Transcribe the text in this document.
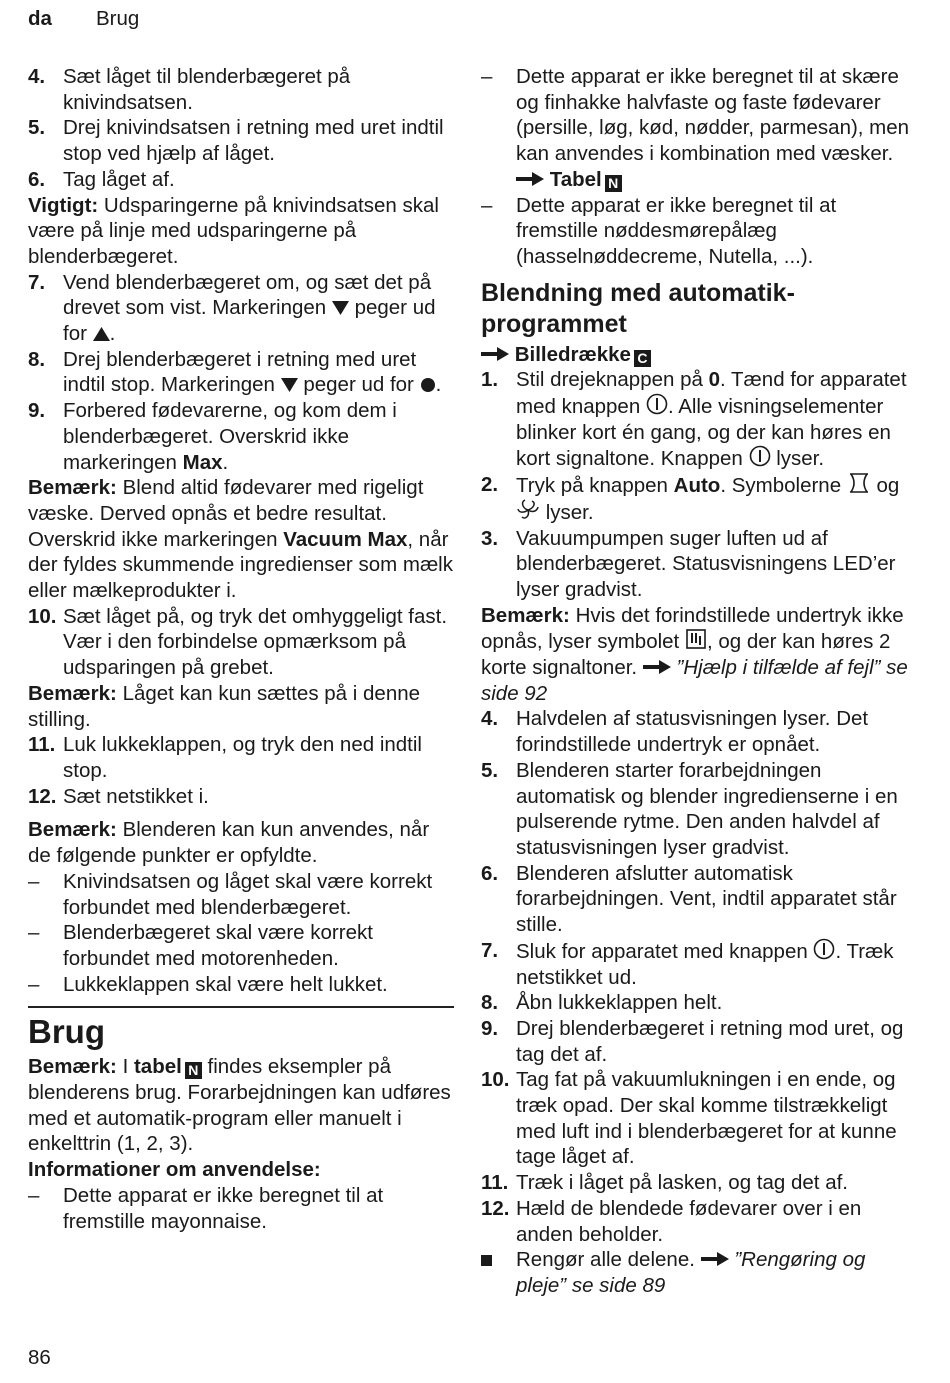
da Brug
4. Sæt låget til blenderbægeret på knivindsatsen.
5. Drej knivindsatsen i retning med uret indtil stop ved hjælp af låget.
6. Tag låget af.
Vigtigt: Udsparingerne på knivindsatsen skal være på linje med udsparingerne på blenderbægeret.
7. Vend blenderbægeret om, og sæt det på drevet som vist. Markeringen  peger ud for .
8. Drej blenderbægeret i retning med uret indtil stop. Markeringen  peger ud for .
9. Forbered fødevarerne, og kom dem i blenderbægeret. Overskrid ikke markeringen Max.
Bemærk: Blend altid fødevarer med rigeligt væske. Derved opnås et bedre resultat. Overskrid ikke markeringen Vacuum Max, når der fyldes skummende ingredienser som mælk eller mælkeprodukter i.
10. Sæt låget på, og tryk det omhyggeligt fast. Vær i den forbindelse opmærksom på udsparingen på grebet.
Bemærk: Låget kan kun sættes på i denne stilling.
11. Luk lukkeklappen, og tryk den ned indtil stop.
12. Sæt netstikket i.
Bemærk: Blenderen kan kun anvendes, når de følgende punkter er opfyldte.
–	Knivindsatsen og låget skal være korrekt forbundet med blenderbægeret.
–	Blenderbægeret skal være korrekt forbundet med motorenheden.
–	Lukkeklappen skal være helt lukket.
Brug
Bemærk: I tabel N findes eksempler på blenderens brug. Forarbejdningen kan udføres med et automatik-program eller manuelt i enkelttrin (1, 2, 3).
Informationer om anvendelse:
–	Dette apparat er ikke beregnet til at fremstille mayonnaise.
–	Dette apparat er ikke beregnet til at skære og finhakke halvfaste og faste fødevarer (persille, løg, kød, nødder, parmesan), men kan anvendes i kombination med væsker.  Tabel N
–	Dette apparat er ikke beregnet til at fremstille nøddesmørepålæg (hasselnøddecreme, Nutella, ...).
Blendning med automatik-programmet
Billedrække C
1. Stil drejeknappen på 0. Tænd for apparatet med knappen . Alle visningselementer blinker kort én gang, og der kan høres en kort signaltone. Knappen  lyser.
2. Tryk på knappen Auto. Symbolerne  og  lyser.
3. Vakuumpumpen suger luften ud af blenderbægeret. Statusvisningens LED’er lyser gradvist.
Bemærk: Hvis det forindstillede undertryk ikke opnås, lyser symbolet , og der kan høres 2 korte signaltoner.  ”Hjælp i tilfælde af fejl” se side 92
4. Halvdelen af statusvisningen lyser. Det forindstillede undertryk er opnået.
5. Blenderen starter forarbejdningen automatisk og blender ingredienserne i en pulserende rytme. Den anden halvdel af statusvisningen lyser gradvist.
6. Blenderen afslutter automatisk forarbejdningen. Vent, indtil apparatet står stille.
7. Sluk for apparatet med knappen . Træk netstikket ud.
8. Åbn lukkeklappen helt.
9. Drej blenderbægeret i retning mod uret, og tag det af.
10. Tag fat på vakuumlukningen i en ende, og træk opad. Der skal komme tilstrækkeligt med luft ind i blenderbægeret for at kunne tage låget af.
11. Træk i låget på lasken, og tag det af.
12. Hæld de blendede fødevarer over i en anden beholder.
Rengør alle delene.  ”Rengøring og pleje” se side 89
86
